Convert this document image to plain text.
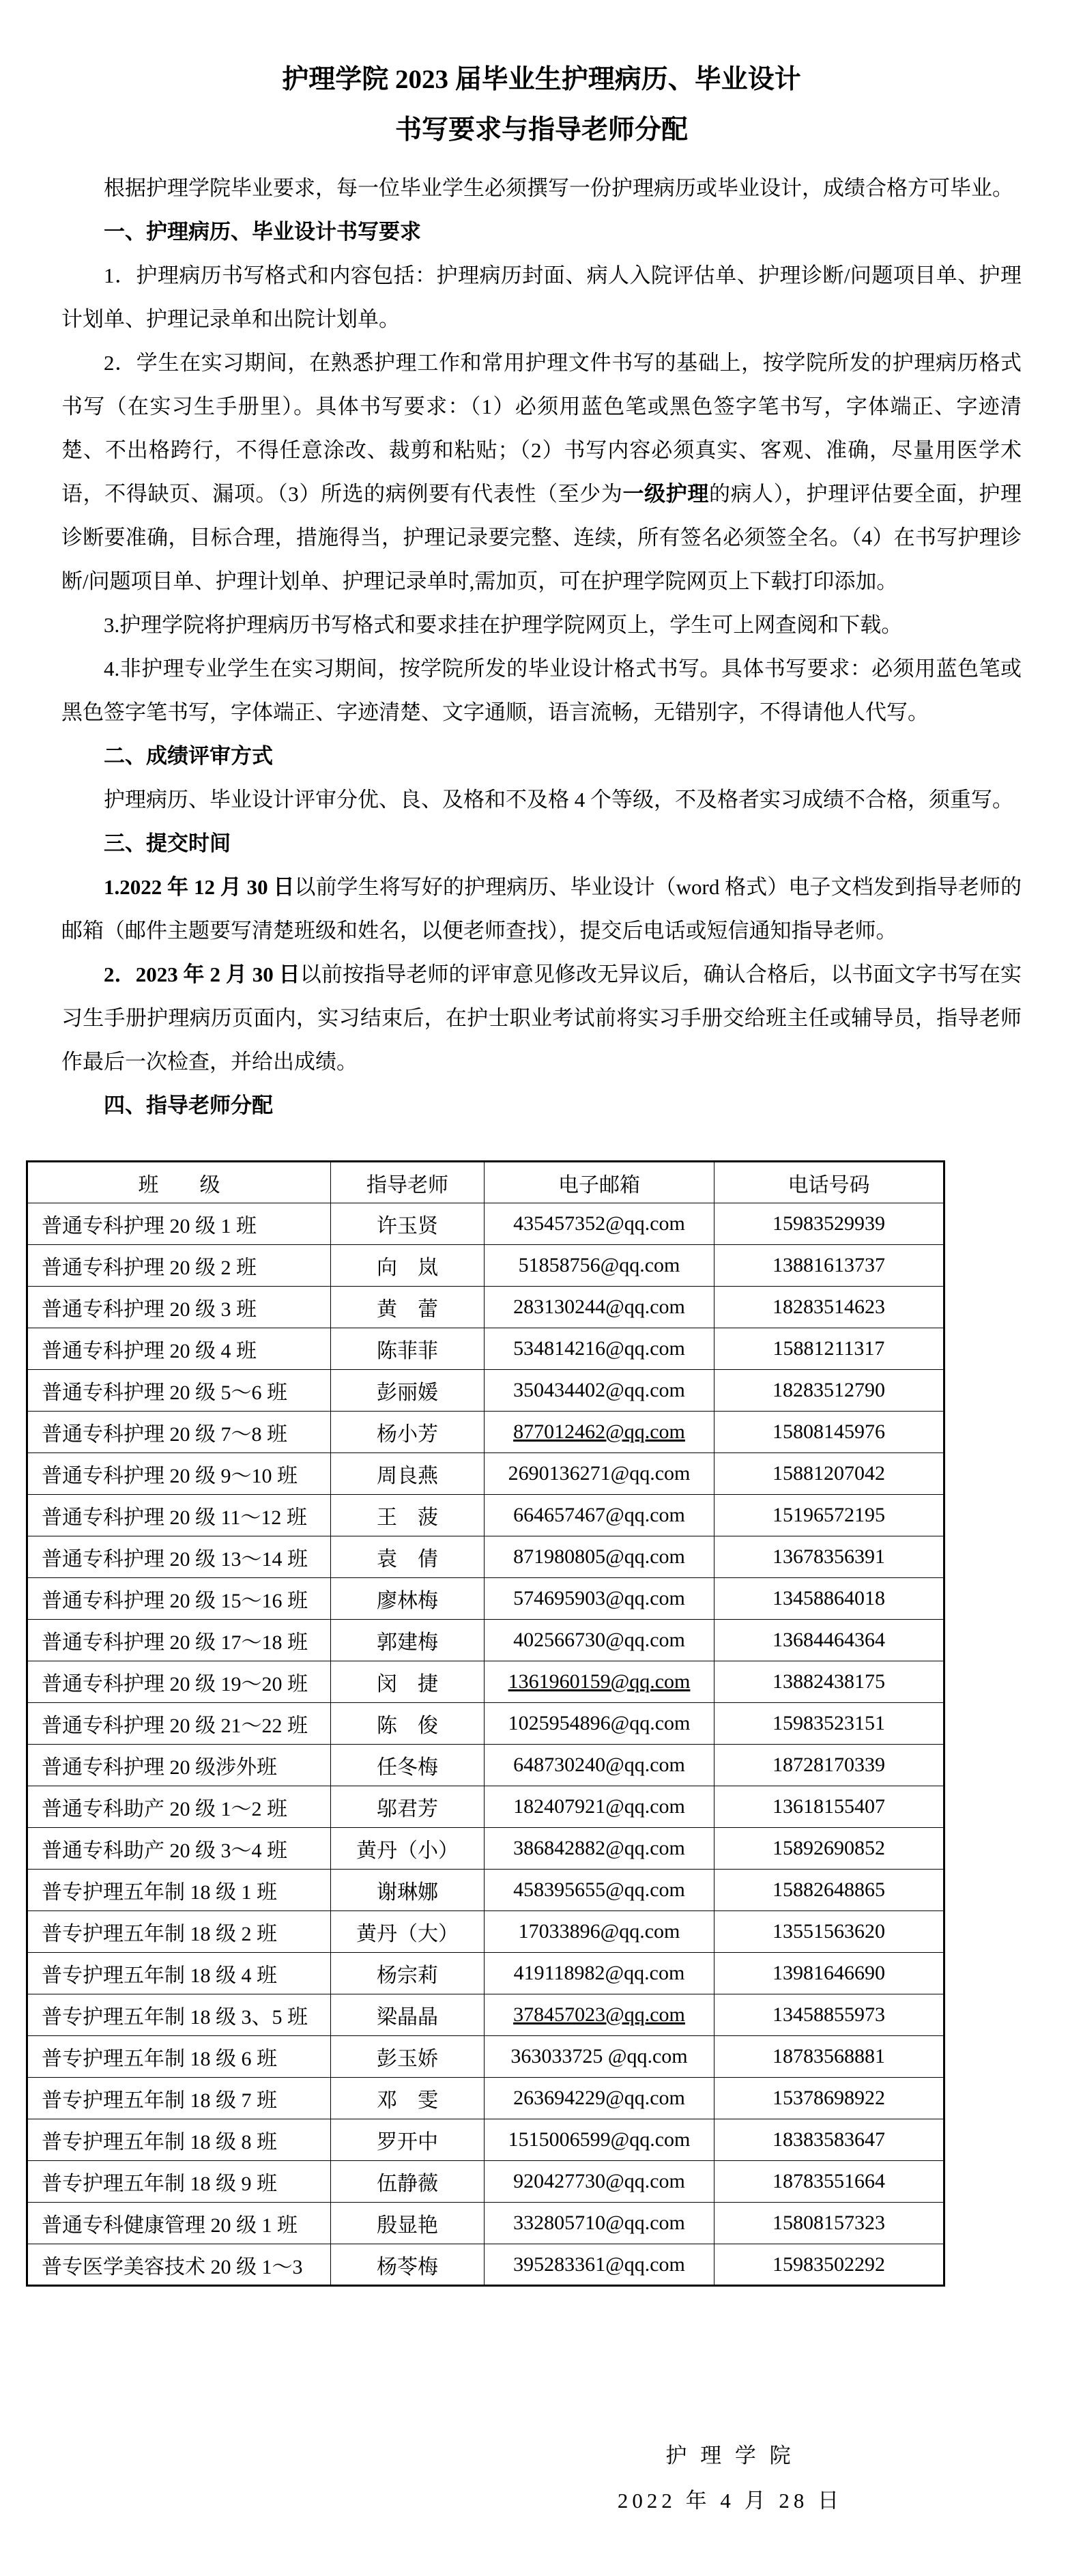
护理学院 2023 届毕业生护理病历、毕业设计
书写要求与指导老师分配

根据护理学院毕业要求，每一位毕业学生必须撰写一份护理病历或毕业设计，成绩合格方可毕业。

一、护理病历、毕业设计书写要求

1．护理病历书写格式和内容包括：护理病历封面、病人入院评估单、护理诊断/问题项目单、护理计划单、护理记录单和出院计划单。

2．学生在实习期间，在熟悉护理工作和常用护理文件书写的基础上，按学院所发的护理病历格式书写（在实习生手册里）。具体书写要求：（1）必须用蓝色笔或黑色签字笔书写，字体端正、字迹清楚、不出格跨行，不得任意涂改、裁剪和粘贴；（2）书写内容必须真实、客观、准确，尽量用医学术语，不得缺页、漏项。（3）所选的病例要有代表性（至少为一级护理的病人），护理评估要全面，护理诊断要准确，目标合理，措施得当，护理记录要完整、连续，所有签名必须签全名。（4）在书写护理诊断/问题项目单、护理计划单、护理记录单时,需加页，可在护理学院网页上下载打印添加。

3.护理学院将护理病历书写格式和要求挂在护理学院网页上，学生可上网查阅和下载。

4.非护理专业学生在实习期间，按学院所发的毕业设计格式书写。具体书写要求：必须用蓝色笔或黑色签字笔书写，字体端正、字迹清楚、文字通顺，语言流畅，无错别字，不得请他人代写。

二、成绩评审方式

护理病历、毕业设计评审分优、良、及格和不及格 4 个等级，不及格者实习成绩不合格，须重写。

三、提交时间

1.2022 年 12 月 30 日以前学生将写好的护理病历、毕业设计（word 格式）电子文档发到指导老师的邮箱（邮件主题要写清楚班级和姓名，以便老师查找），提交后电话或短信通知指导老师。

2．2023 年 2 月 30 日以前按指导老师的评审意见修改无异议后，确认合格后，以书面文字书写在实习生手册护理病历页面内，实习结束后，在护士职业考试前将实习手册交给班主任或辅导员，指导老师作最后一次检查，并给出成绩。

四、指导老师分配

班　　级	指导老师	电子邮箱	电话号码
普通专科护理 20 级 1 班	许玉贤	435457352@qq.com	15983529939
普通专科护理 20 级 2 班	向　岚	51858756@qq.com	13881613737
普通专科护理 20 级 3 班	黄　蕾	283130244@qq.com	18283514623
普通专科护理 20 级 4 班	陈菲菲	534814216@qq.com	15881211317
普通专科护理 20 级 5～6 班	彭丽媛	350434402@qq.com	18283512790
普通专科护理 20 级 7～8 班	杨小芳	877012462@qq.com	15808145976
普通专科护理 20 级 9～10 班	周良燕	2690136271@qq.com	15881207042
普通专科护理 20 级 11～12 班	王　菠	664657467@qq.com	15196572195
普通专科护理 20 级 13～14 班	袁　倩	871980805@qq.com	13678356391
普通专科护理 20 级 15～16 班	廖林梅	574695903@qq.com	13458864018
普通专科护理 20 级 17～18 班	郭建梅	402566730@qq.com	13684464364
普通专科护理 20 级 19～20 班	闵　捷	1361960159@qq.com	13882438175
普通专科护理 20 级 21～22 班	陈　俊	1025954896@qq.com	15983523151
普通专科护理 20 级涉外班	任冬梅	648730240@qq.com	18728170339
普通专科助产 20 级 1～2 班	邬君芳	182407921@qq.com	13618155407
普通专科助产 20 级 3～4 班	黄丹（小）	386842882@qq.com	15892690852
普专护理五年制 18 级 1 班	谢琳娜	458395655@qq.com	15882648865
普专护理五年制 18 级 2 班	黄丹（大）	17033896@qq.com	13551563620
普专护理五年制 18 级 4 班	杨宗莉	419118982@qq.com	13981646690
普专护理五年制 18 级 3、5 班	梁晶晶	378457023@qq.com	13458855973
普专护理五年制 18 级 6 班	彭玉娇	363033725 @qq.com	18783568881
普专护理五年制 18 级 7 班	邓　雯	263694229@qq.com	15378698922
普专护理五年制 18 级 8 班	罗开中	1515006599@qq.com	18383583647
普专护理五年制 18 级 9 班	伍静薇	920427730@qq.com	18783551664
普通专科健康管理 20 级 1 班	殷显艳	332805710@qq.com	15808157323
普专医学美容技术 20 级 1～3	杨苓梅	395283361@qq.com	15983502292
护 理 学 院
2022 年 4 月 28 日
